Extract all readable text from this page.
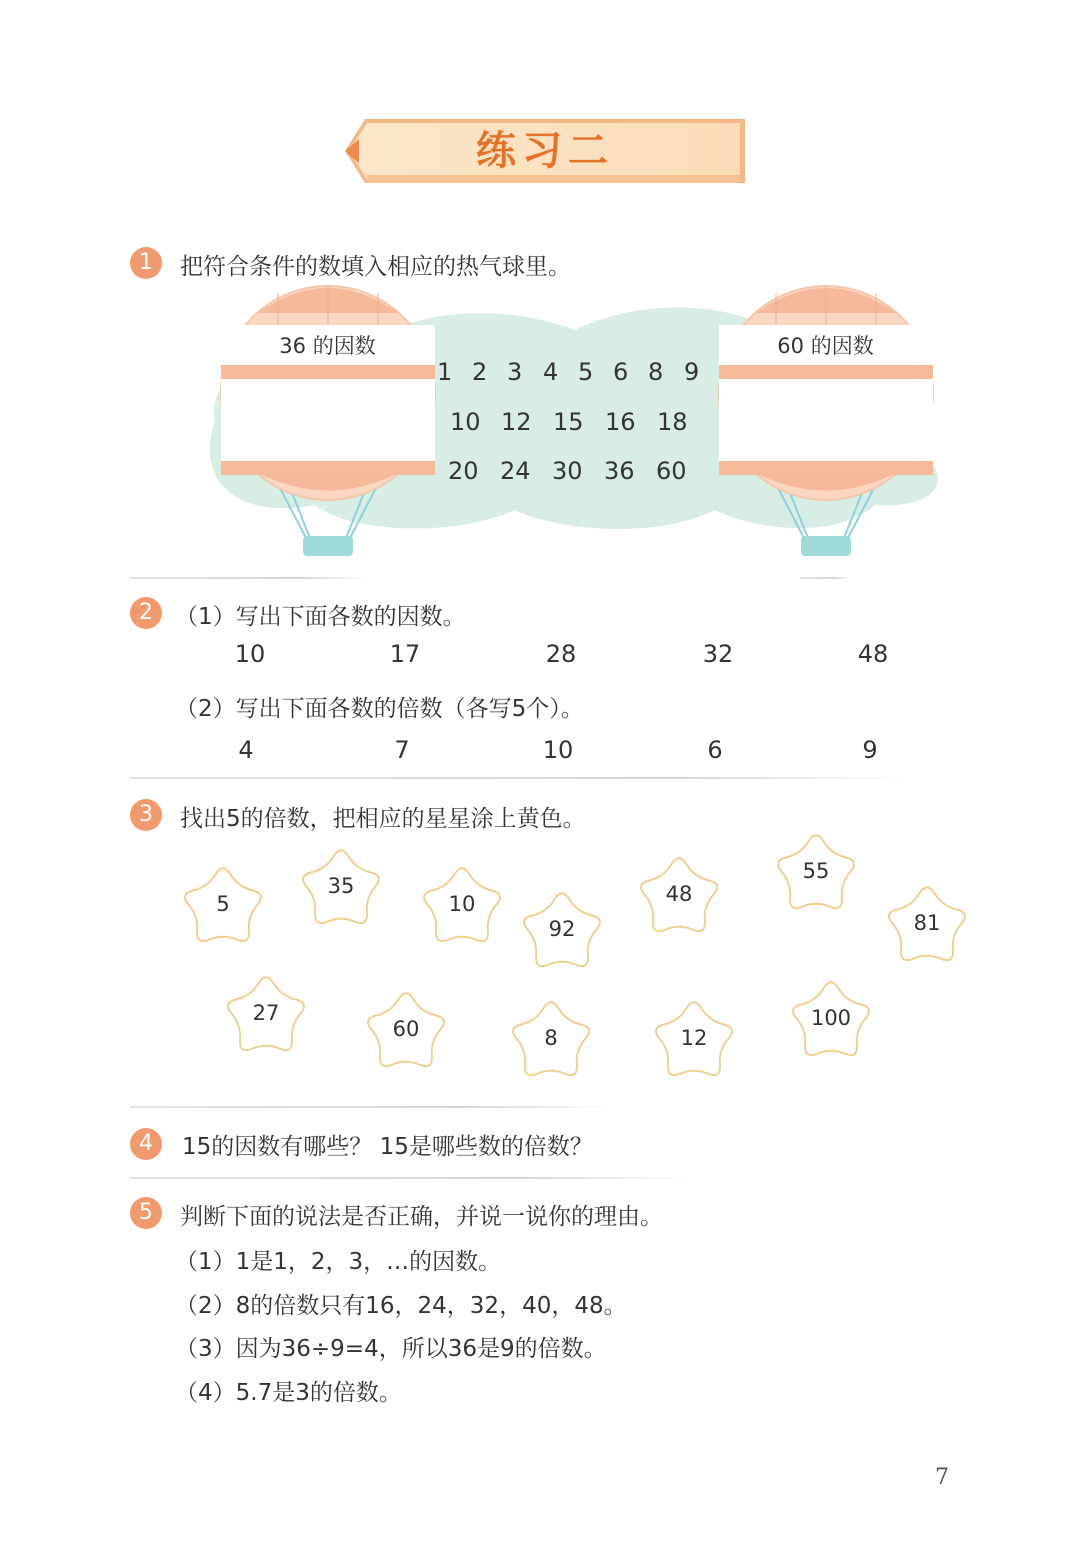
练习二
1	把符合条件的数填入相应的热气球里。
36 的因数	60 的因数
1 2 3 4 5 6 8 9
10 12 15 16 18
20 24 30 36 60
2 （1）写出下面各数的因数。
10	17	28	32	48
（2）写出下面各数的倍数（各写5个）。
4	7	10	6	9
3	找出5的倍数，把相应的星星涂上黄色。
5
35
10
92
48
55
81
27
60	8	12
100
4	15的因数有哪些？ 15是哪些数的倍数？
5	判断下面的说法是否正确，并说一说你的理由。
（1）1是1，2，3，…的因数。
（2）8的倍数只有16，24，32，40，48。
（3）因为36÷9=4，所以36是9的倍数。
（4）5.7是3的倍数。
7
